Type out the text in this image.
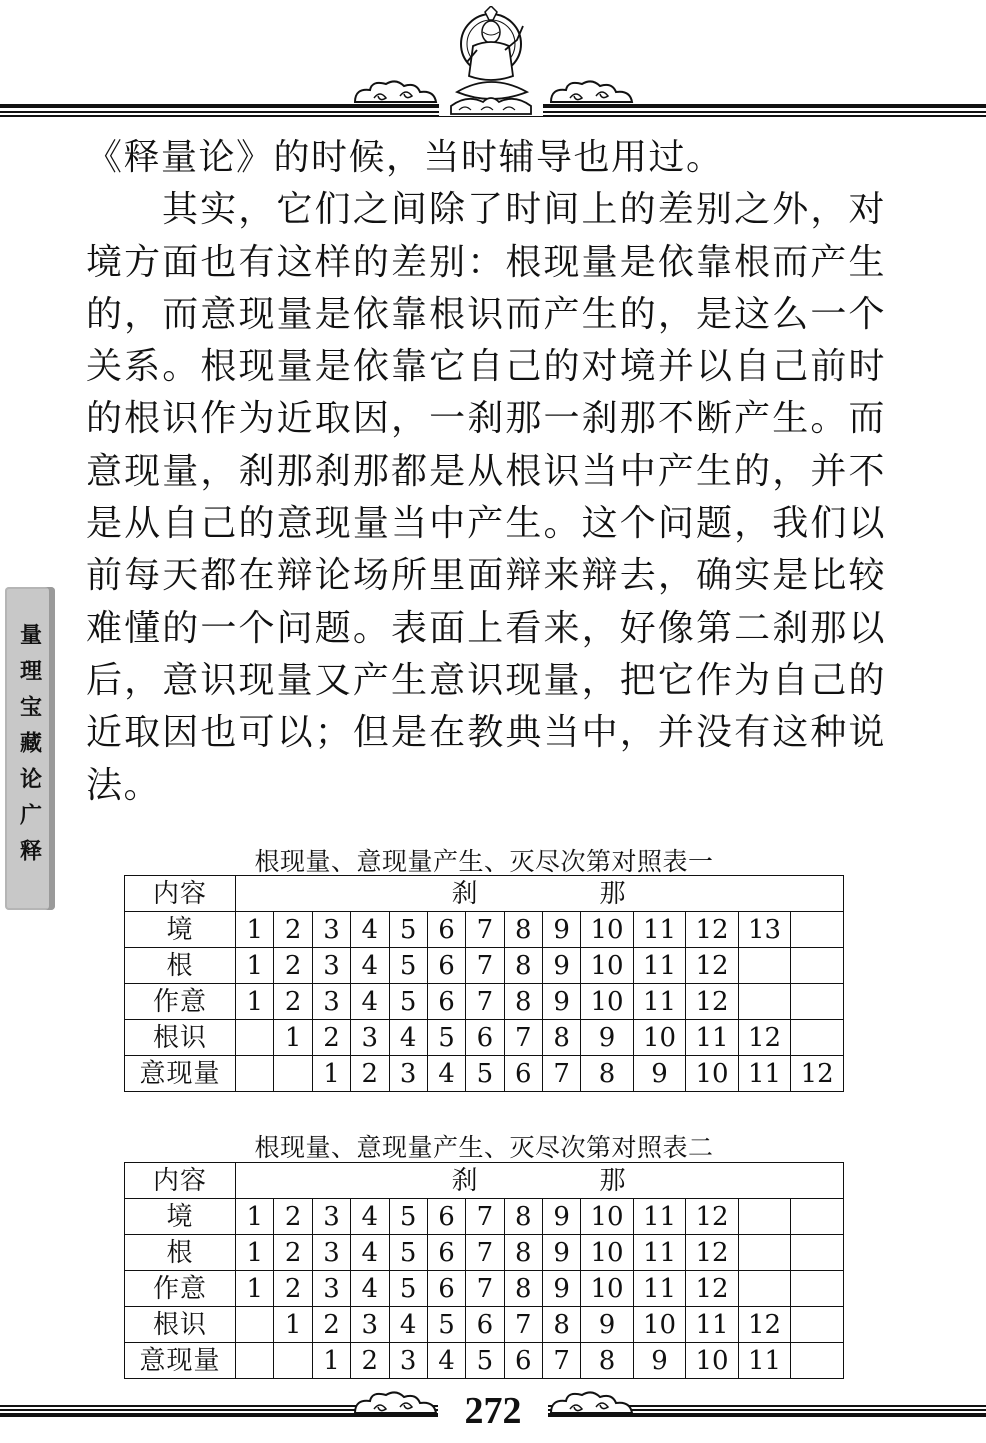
《释量论》的时候，当时辅导也用过。

其实，它们之间除了时间上的差别之外，对境方面也有这样的差别：根现量是依靠根而产生的，而意现量是依靠根识而产生的，是这么一个关系。根现量是依靠它自己的对境并以自己前时的根识作为近取因，一刹那一刹那不断产生。而意现量，刹那刹那都是从根识当中产生的，并不是从自己的意现量当中产生。这个问题，我们以前每天都在辩论场所里面辩来辩去，确实是比较难懂的一个问题。表面上看来，好像第二刹那以后，意识现量又产生意识现量，把它作为自己的近取因也可以；但是在教典当中，并没有这种说法。

量理宝藏论广释	根现量、意现量产生、灭尽次第对照表一
内容	刹 那													
境	1	2	3	4	5	6	7	8	9	10	11	12	13	
根	1	2	3	4	5	6	7	8	9	10	11	12		
作意	1	2	3	4	5	6	7	8	9	10	11	12		
根识		1	2	3	4	5	6	7	8	9	10	11	12	
意现量			1	2	3	4	5	6	7	8	9	10	11	12
根现量、意现量产生、灭尽次第对照表二
内容	刹 那													
境	1	2	3	4	5	6	7	8	9	10	11	12		
根	1	2	3	4	5	6	7	8	9	10	11	12		
作意	1	2	3	4	5	6	7	8	9	10	11	12		
根识		1	2	3	4	5	6	7	8	9	10	11	12	
意现量			1	2	3	4	5	6	7	8	9	10	11	
272
